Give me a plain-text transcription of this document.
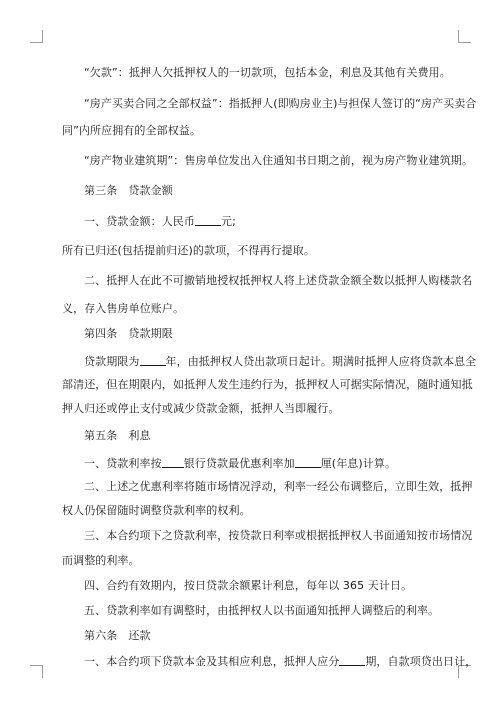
“欠款”：抵押人欠抵押权人的一切款项，包括本金，利息及其他有关费用。
“房产买卖合同之全部权益”：指抵押人(即购房业主)与担保人签订的“房产买卖合
同”内所应拥有的全部权益。
“房产物业建筑期”：售房单位发出入住通知书日期之前，视为房产物业建筑期。
第三条　贷款金额
一、贷款金额：人民币 元;
所有已归还(包括提前归还)的款项，不得再行提取。
二、抵押人在此不可撤销地授权抵押权人将上述贷款金额全数以抵押人购楼款名
义，存入售房单位账户。
第四条　贷款期限
贷款期限为 年，由抵押权人贷出款项日起计。期满时抵押人应将贷款本息全
部清还，但在期限内，如抵押人发生违约行为，抵押权人可据实际情况，随时通知抵
押人归还或停止支付或减少贷款金额，抵押人当即履行。
第五条　利息
一、贷款利率按 银行贷款最优惠利率加 厘(年息)计算。
二、上述之优惠利率将随市场情况浮动，利率一经公布调整后，立即生效，抵押
权人仍保留随时调整贷款利率的权利。
三、本合约项下之贷款利率，按贷款日利率或根据抵押权人书面通知按市场情况
而调整的利率。
四、合约有效期内，按日贷款余额累计利息，每年以 365 天计日。
五、贷款利率如有调整时，由抵押权人以书面通知抵押人调整后的利率。
第六条　还款
一、本合约项下贷款本金及其相应利息，抵押人应分 期，自款项贷出日计，
